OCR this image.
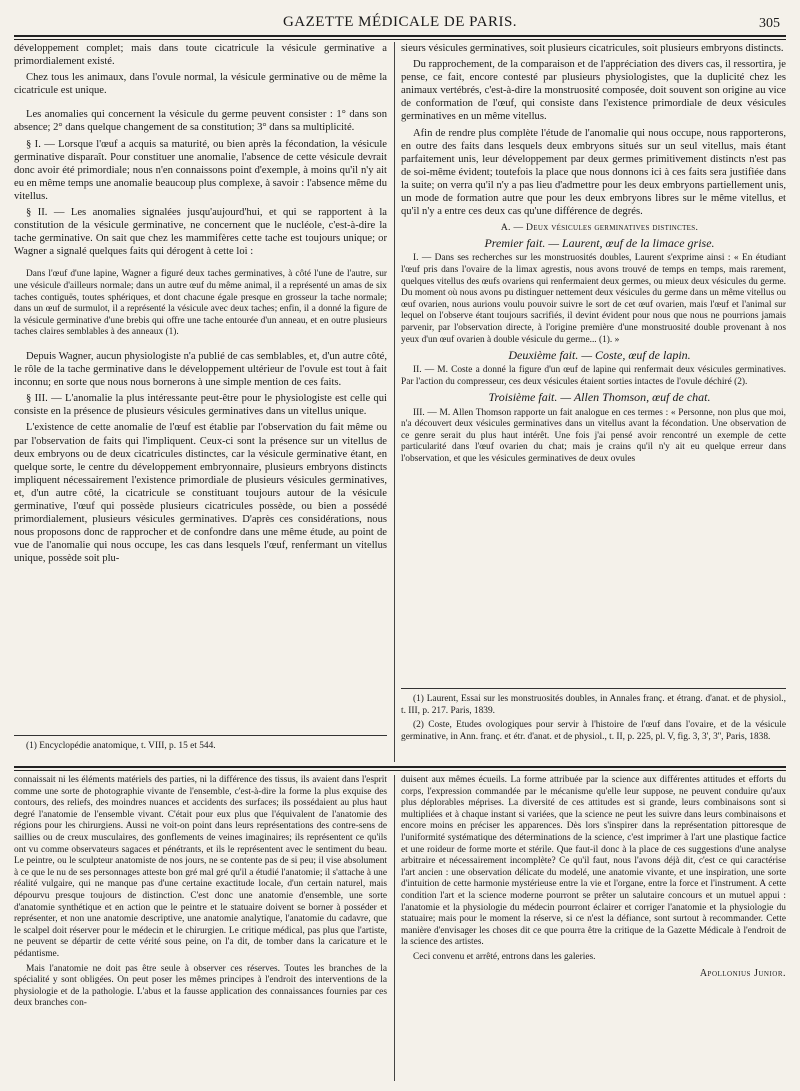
GAZETTE MÉDICALE DE PARIS.	305

développement complet; mais dans toute cicatricule la vésicule germinative a primordialement existé.

Chez tous les animaux, dans l'ovule normal, la vésicule germinative ou de même la cicatricule est unique.

Les anomalies qui concernent la vésicule du germe peuvent consister : 1° dans son absence; 2° dans quelque changement de sa constitution; 3° dans sa multiplicité.

§ I. — Lorsque l'œuf a acquis sa maturité, ou bien après la fécondation, la vésicule germinative disparaît. Pour constituer une anomalie, l'absence de cette vésicule devrait donc avoir été primordiale; nous n'en connaissons point d'exemple, à moins qu'il n'y ait eu en même temps une anomalie beaucoup plus complexe, à savoir : l'absence même du vitellus.

§ II. — Les anomalies signalées jusqu'aujourd'hui, et qui se rapportent à la constitution de la vésicule germinative, ne concernent que le nucléole, c'est-à-dire la tache germinative. On sait que chez les mammifères cette tache est toujours unique; or Wagner a signalé quelques faits qui dérogent à cette loi :

Dans l'œuf d'une lapine, Wagner a figuré deux taches germinatives, à côté l'une de l'autre, sur une vésicule d'ailleurs normale; dans un autre œuf du même animal, il a représenté un amas de six taches contiguës, toutes sphériques, et dont chacune égale presque en grosseur la tache normale; dans un œuf de surmulot, il a représenté la vésicule avec deux taches; enfin, il a donné la figure de la vésicule germinative d'une brebis qui offre une tache entourée d'un anneau, et en outre plusieurs taches claires semblables à des anneaux (1).

Depuis Wagner, aucun physiologiste n'a publié de cas semblables, et, d'un autre côté, le rôle de la tache germinative dans le développement ultérieur de l'ovule est tout à fait inconnu; en sorte que nous nous bornerons à une simple mention de ces faits.

§ III. — L'anomalie la plus intéressante peut-être pour le physiologiste est celle qui consiste en la présence de plusieurs vésicules germinatives dans un vitellus unique.

L'existence de cette anomalie de l'œuf est établie par l'observation du fait même ou par l'observation de faits qui l'impliquent. Ceux-ci sont la présence sur un vitellus de deux embryons ou de deux cicatricules distinctes, car la vésicule germinative étant, en quelque sorte, le centre du développement embryonnaire, plusieurs embryons distincts impliquent nécessairement l'existence primordiale de plusieurs vésicules germinatives, et, d'un autre côté, la cicatricule se constituant toujours autour de la vésicule germinative, l'œuf qui possède plusieurs cicatricules possède, ou bien a possédé primordialement, plusieurs vésicules germinatives. D'après ces considérations, nous nous proposons donc de rapprocher et de confondre dans une même étude, au point de vue de l'anomalie qui nous occupe, les cas dans lesquels l'œuf, renfermant un vitellus unique, possède soit plu-

(1) Encyclopédie anatomique, t. VIII, p. 15 et 544.

sieurs vésicules germinatives, soit plusieurs cicatricules, soit plusieurs embryons distincts.

Du rapprochement, de la comparaison et de l'appréciation des divers cas, il ressortira, je pense, ce fait, encore contesté par plusieurs physiologistes, que la duplicité chez les animaux vertébrés, c'est-à-dire la monstruosité composée, doit souvent son origine au vice de conformation de l'œuf, qui consiste dans l'existence primordiale de deux vésicules germinatives en un même vitellus.

Afin de rendre plus complète l'étude de l'anomalie qui nous occupe, nous rapporterons, en outre des faits dans lesquels deux embryons situés sur un seul vitellus, mais étant parfaitement unis, leur développement par deux germes primitivement distincts n'est pas de soi-même évident; toutefois la place que nous donnons ici à ces faits sera justifiée dans la suite; on verra qu'il n'y a pas lieu d'admettre pour les deux embryons partiellement unis, un mode de formation autre que pour les deux embryons libres sur le même vitellus, et qu'il n'y a entre ces deux cas qu'une différence de degrés.

A. — Deux vésicules germinatives distinctes.

Premier fait. — Laurent, œuf de la limace grise.

I. — Dans ses recherches sur les monstruosités doubles, Laurent s'exprime ainsi : « En étudiant l'œuf pris dans l'ovaire de la limax agrestis, nous avons trouvé de temps en temps, mais rarement, quelques vitellus des œufs ovariens qui renfermaient deux germes, ou mieux deux vésicules du germe. Du moment où nous avons pu distinguer nettement deux vésicules du germe dans un même vitellus ou œuf ovarien, nous aurions voulu pouvoir suivre le sort de cet œuf ovarien, mais l'œuf et l'animal sur lequel on l'observe étant toujours sacrifiés, il devint évident pour nous que nous ne pourrions jamais parvenir, par l'observation directe, à l'origine première d'une monstruosité double provenant à nos yeux d'un œuf ovarien à double vésicule du germe... (1). »

Deuxième fait. — Coste, œuf de lapin.

II. — M. Coste a donné la figure d'un œuf de lapine qui renfermait deux vésicules germinatives. Par l'action du compresseur, ces deux vésicules étaient sorties intactes de l'ovule déchiré (2).

Troisième fait. — Allen Thomson, œuf de chat.

III. — M. Allen Thomson rapporte un fait analogue en ces termes : « Personne, non plus que moi, n'a découvert deux vésicules germinatives dans un vitellus avant la fécondation. Une observation de ce genre serait du plus haut intérêt. Une fois j'ai pensé avoir rencontré un exemple de cette particularité dans l'œuf ovarien du chat; mais je crains qu'il n'y ait eu quelque erreur dans l'observation, et que les vésicules germinatives de deux ovules

(1) Laurent, Essai sur les monstruosités doubles, in Annales franç. et étrang. d'anat. et de physiol., t. III, p. 217. Paris, 1839.

(2) Coste, Etudes ovologiques pour servir à l'histoire de l'œuf dans l'ovaire, et de la vésicule germinative, in Ann. franç. et étr. d'anat. et de physiol., t. II, p. 225, pl. V, fig. 3, 3', 3'', Paris, 1838.

connaissait ni les éléments matériels des parties, ni la différence des tissus, ils avaient dans l'esprit comme une sorte de photographie vivante de l'ensemble, c'est-à-dire la forme la plus exquise des contours, des reliefs, des moindres nuances et accidents des surfaces; ils possédaient au plus haut degré l'anatomie de l'ensemble vivant. C'était pour eux plus que l'équivalent de l'anatomie des régions pour les chirurgiens. Aussi ne voit-on point dans leurs représentations des contre-sens de saillies ou de creux musculaires, des gonflements de veines imaginaires; ils représentent ce qu'ils ont vu comme observateurs sagaces et pénétrants, et ils le représentent avec le sentiment du beau. Le peintre, ou le sculpteur anatomiste de nos jours, ne se contente pas de si peu; il vise absolument à ce que le nu de ses personnages atteste bon gré mal gré qu'il a étudié l'anatomie; il s'attache à une réalité vulgaire, qui ne manque pas d'une certaine exactitude locale, d'un certain naturel, mais dépourvu presque toujours de distinction. C'est donc une anatomie d'ensemble, une sorte d'anatomie synthétique et en action que le peintre et le statuaire doivent se borner à posséder et représenter, et non une anatomie descriptive, une anatomie analytique, l'anatomie du cadavre, que le scalpel doit réserver pour le médecin et le chirurgien. Le critique médical, pas plus que l'artiste, ne peuvent se départir de cette vérité sous peine, on l'a dit, de tomber dans la caricature et le pédantisme.

Mais l'anatomie ne doit pas être seule à observer ces réserves. Toutes les branches de la spécialité y sont obligées. On peut poser les mêmes principes à l'endroit des interventions de la physiologie et de la pathologie. L'abus et la fausse application des connaissances fournies par ces deux branches con-

duisent aux mêmes écueils. La forme attribuée par la science aux différentes attitudes et efforts du corps, l'expression commandée par le mécanisme qu'elle leur suppose, ne peuvent conduire qu'aux plus déplorables méprises. La diversité de ces attitudes est si grande, leurs combinaisons sont si multipliées et à chaque instant si variées, que la science ne peut les suivre dans leurs combinaisons et encore moins en préciser les apparences. Dès lors s'inspirer dans la représentation pittoresque de l'uniformité systématique des déterminations de la science, c'est imprimer à l'art une plastique factice et une roideur de forme morte et stérile. Que faut-il donc à la place de ces suggestions d'une analyse arbitraire et nécessairement incomplète? Ce qu'il faut, nous l'avons déjà dit, c'est ce qui caractérise l'art ancien : une observation délicate du modelé, une anatomie vivante, et une inspiration, une sorte d'intuition de cette harmonie mystérieuse entre la vie et l'organe, entre la force et l'instrument. A cette condition l'art et la science moderne pourront se prêter un salutaire concours et un mutuel appui : l'anatomie et la physiologie du médecin pourront éclairer et corriger l'anatomie et la physiologie du statuaire; mais pour le moment la réserve, si ce n'est la défiance, sont surtout à recommander. Cette manière d'envisager les choses dit ce que pourra être la critique de la Gazette Médicale à l'endroit de la science des artistes.

Ceci convenu et arrêté, entrons dans les galeries.

Apollonius Junior.
